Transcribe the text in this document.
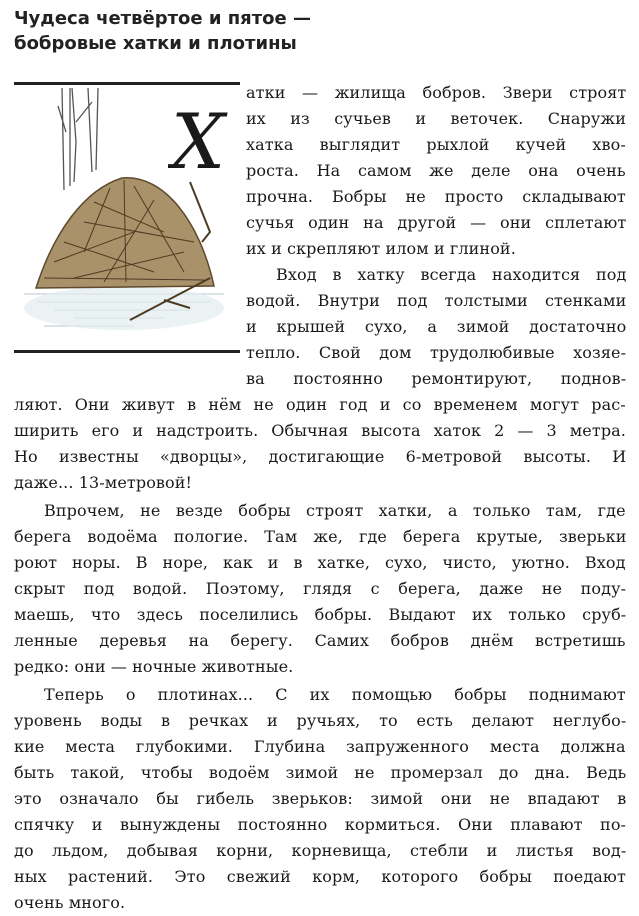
Чудеса четвёртое и пятое —
бобровые хатки и плотины
Х
атки — жилища бобров. Звери строят
их из сучьев и веточек. Снаружи
хатка выглядит рыхлой кучей хво-
роста. На самом же деле она очень
прочна. Бобры не просто складывают
сучья один на другой — они сплетают
их и скрепляют илом и глиной.
Вход в хатку всегда находится под
водой. Внутри под толстыми стенками
и крышей сухо, а зимой достаточно
тепло. Свой дом трудолюбивые хозяе-
ва постоянно ремонтируют, поднов-
ляют. Они живут в нём не один год и со временем могут рас-
ширить его и надстроить. Обычная высота хаток 2 — 3 метра.
Но известны «дворцы», достигающие 6-метровой высоты. И
даже... 13-метровой!
Впрочем, не везде бобры строят хатки, а только там, где
берега водоёма пологие. Там же, где берега крутые, зверьки
роют норы. В норе, как и в хатке, сухо, чисто, уютно. Вход
скрыт под водой. Поэтому, глядя с берега, даже не поду-
маешь, что здесь поселились бобры. Выдают их только сруб-
ленные деревья на берегу. Самих бобров днём встретишь
редко: они — ночные животные.
Теперь о плотинах... С их помощью бобры поднимают
уровень воды в речках и ручьях, то есть делают неглубо-
кие места глубокими. Глубина запруженного места должна
быть такой, чтобы водоём зимой не промерзал до дна. Ведь
это означало бы гибель зверьков: зимой они не впадают в
спячку и вынуждены постоянно кормиться. Они плавают по-
до льдом, добывая корни, корневища, стебли и листья вод-
ных растений. Это свежий корм, которого бобры поедают
очень много.
